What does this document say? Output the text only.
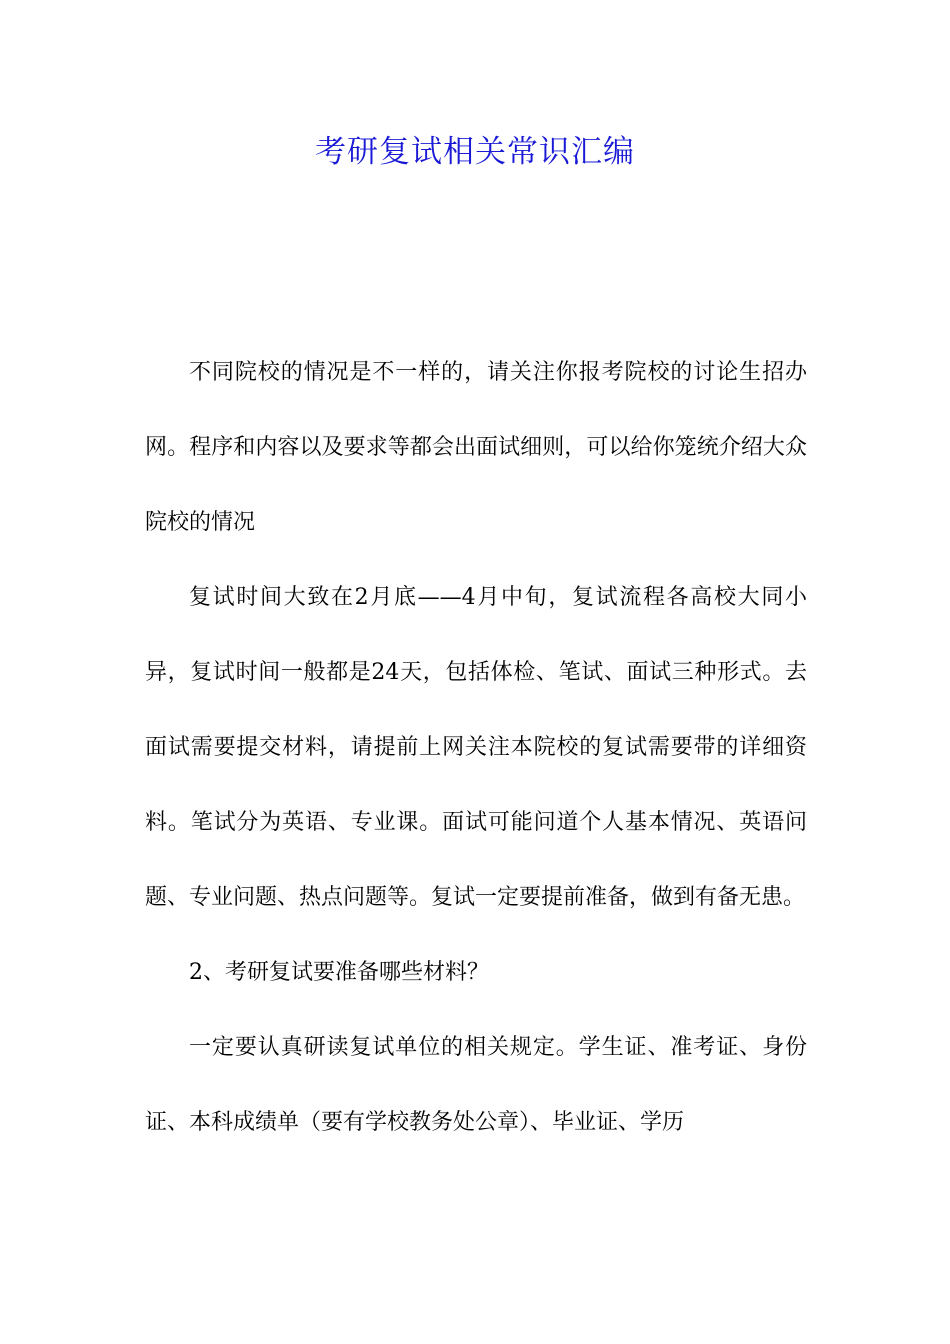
考研复试相关常识汇编

不同院校的情况是不一样的，请关注你报考院校的讨论生招办网。程序和内容以及要求等都会出面试细则，可以给你笼统介绍大众院校的情况

复试时间大致在2月底——4月中旬，复试流程各高校大同小异，复试时间一般都是24天，包括体检、笔试、面试三种形式。去面试需要提交材料，请提前上网关注本院校的复试需要带的详细资料。笔试分为英语、专业课。面试可能问道个人基本情况、英语问题、专业问题、热点问题等。复试一定要提前准备，做到有备无患。

2、考研复试要准备哪些材料？

一定要认真研读复试单位的相关规定。学生证、准考证、身份证、本科成绩单（要有学校教务处公章）、毕业证、学历
